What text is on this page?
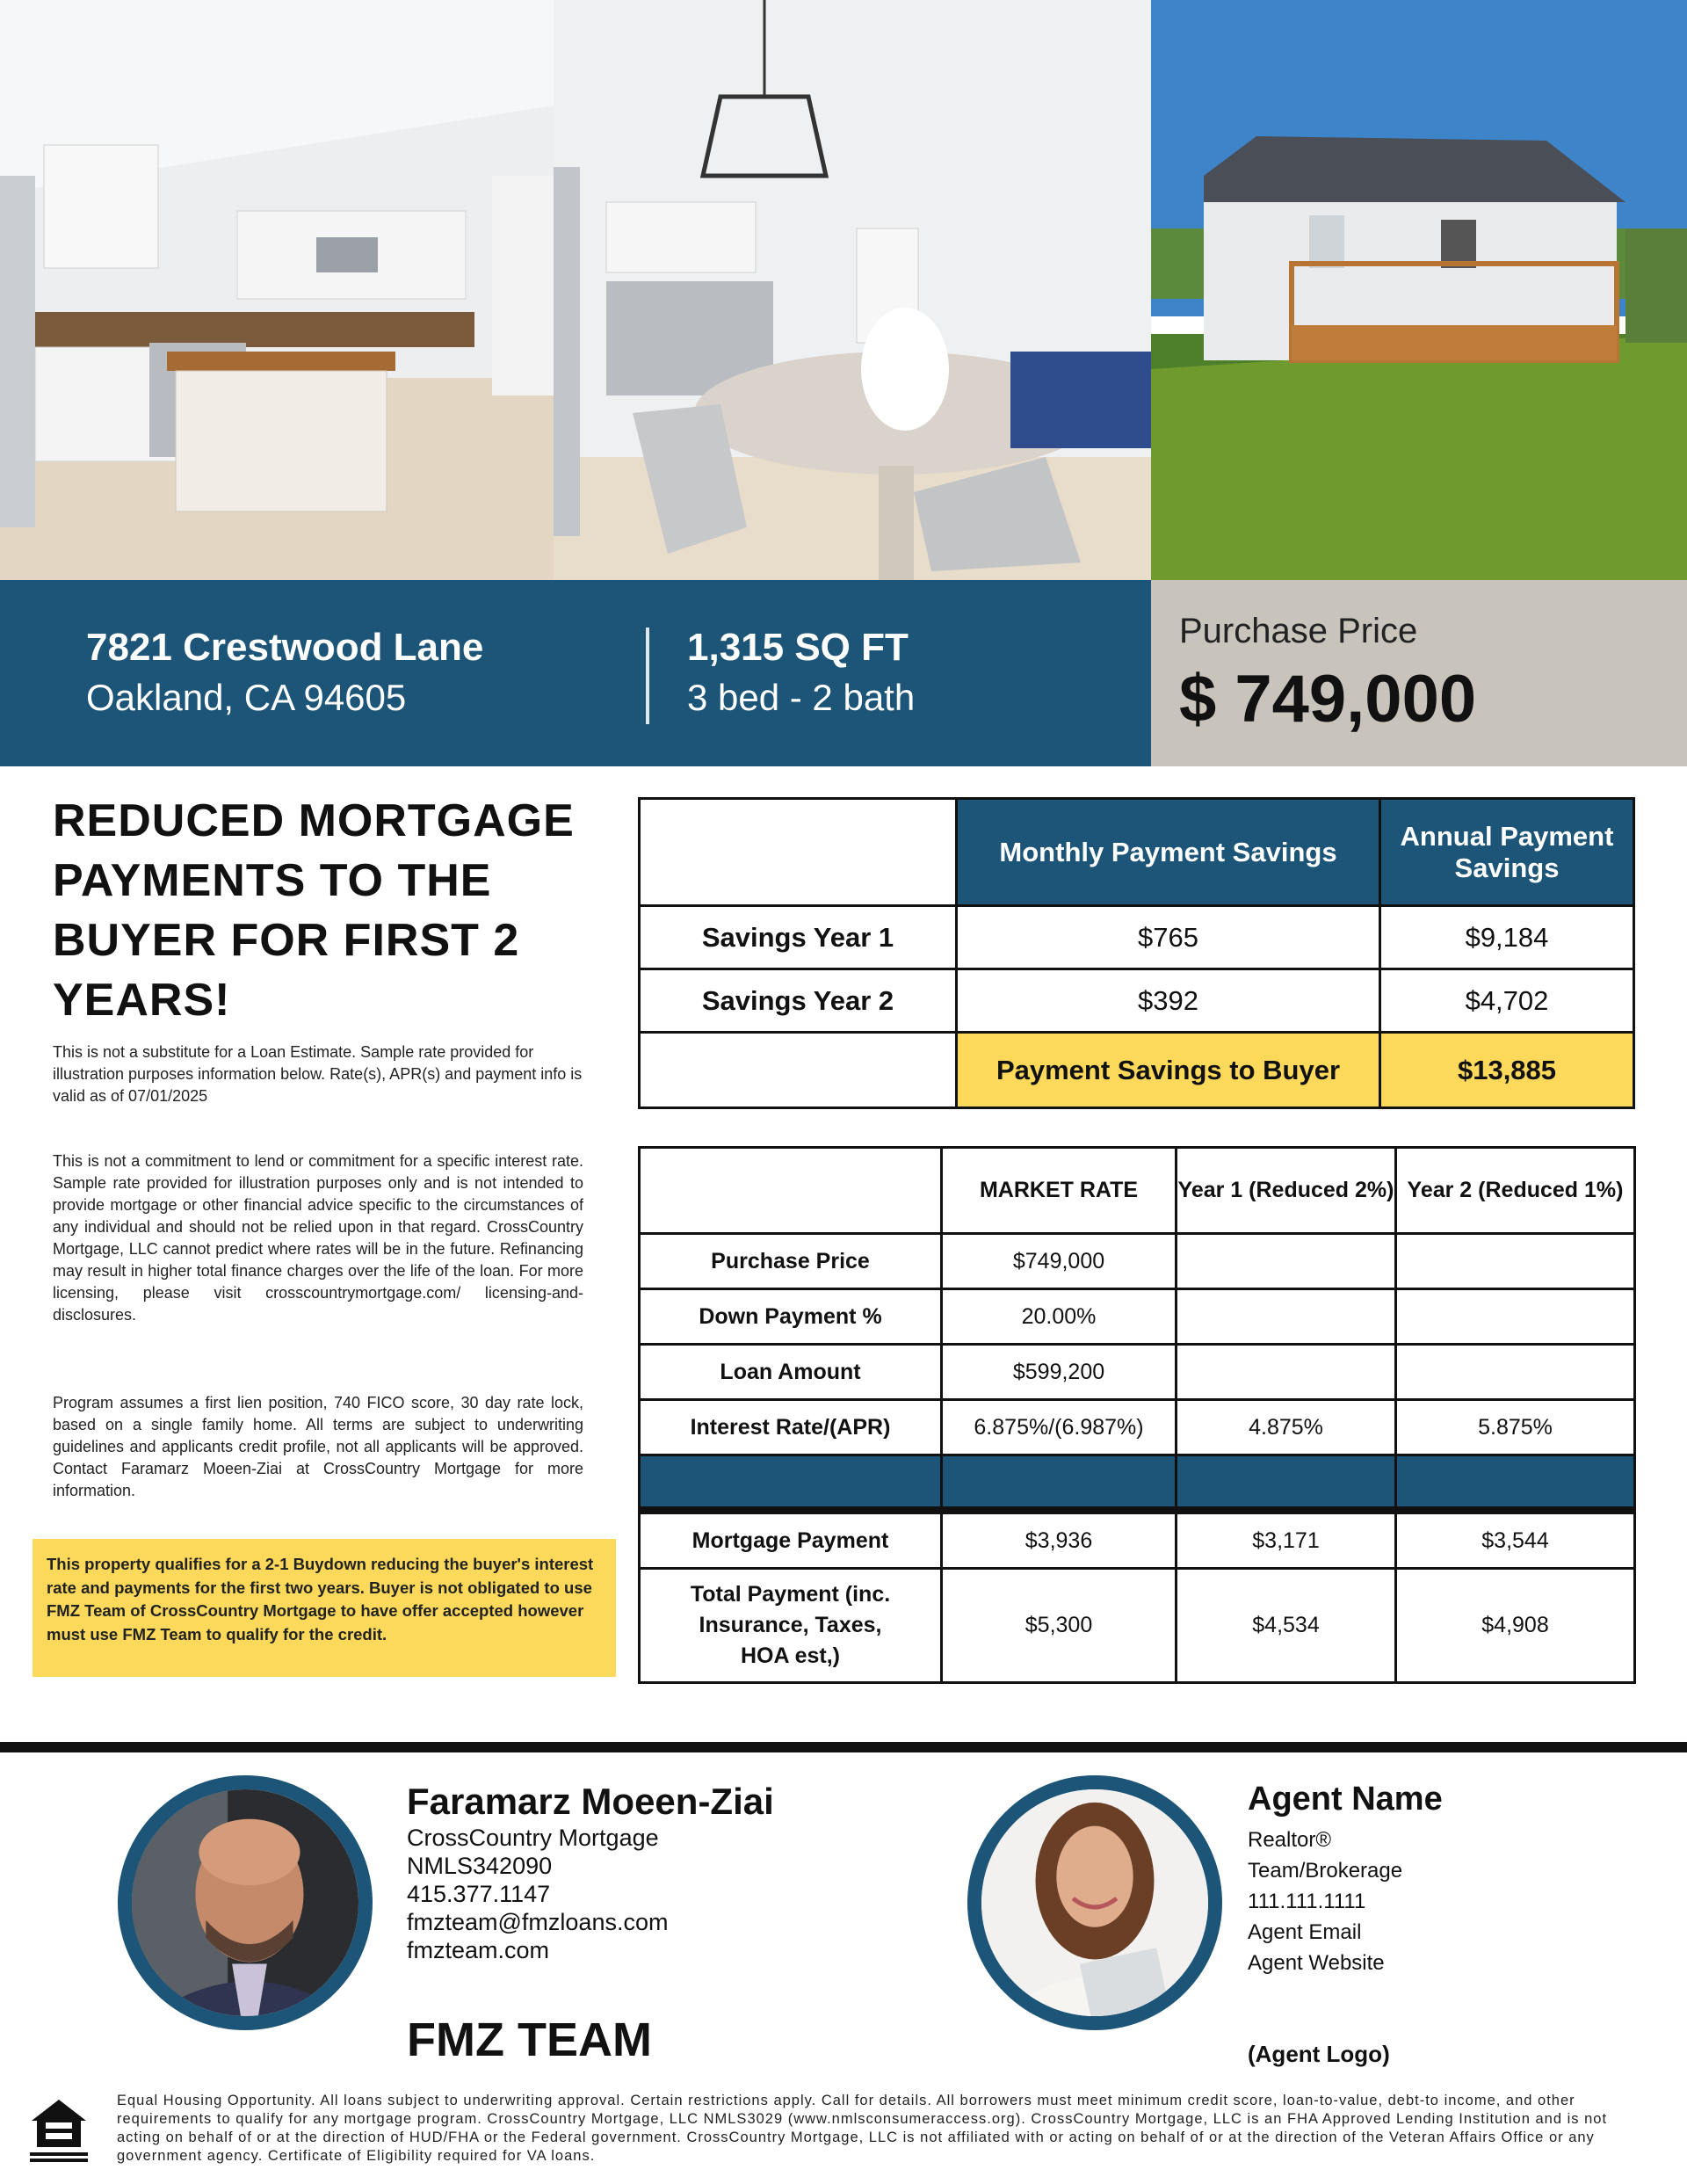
7821 Crestwood Lane
Oakland, CA 94605
1,315 SQ FT
3 bed - 2 bath
Purchase Price
$ 749,000
REDUCED MORTGAGE PAYMENTS TO THE BUYER FOR FIRST 2 YEARS!
This is not a substitute for a Loan Estimate. Sample rate provided for illustration purposes information below. Rate(s), APR(s) and payment info is valid as of 07/01/2025
This is not a commitment to lend or commitment for a specific interest rate. Sample rate provided for illustration purposes only and is not intended to provide mortgage or other financial advice specific to the circumstances of any individual and should not be relied upon in that regard. CrossCountry Mortgage, LLC cannot predict where rates will be in the future. Refinancing may result in higher total finance charges over the life of the loan. For more licensing, please visit crosscountrymortgage.com/ licensing-and-disclosures.
Program assumes a first lien position, 740 FICO score, 30 day rate lock, based on a single family home. All terms are subject to underwriting guidelines and applicants credit profile, not all applicants will be approved. Contact Faramarz Moeen-Ziai at CrossCountry Mortgage for more information.
This property qualifies for a 2-1 Buydown reducing the buyer's interest rate and payments for the first two years. Buyer is not obligated to use FMZ Team of CrossCountry Mortgage to have offer accepted however must use FMZ Team to qualify for the credit.
	Monthly Payment Savings	Annual Payment Savings
Savings Year 1	$765	$9,184
Savings Year 2	$392	$4,702
	Payment Savings to Buyer	$13,885
	MARKET RATE	Year 1 (Reduced 2%)	Year 2 (Reduced 1%)
Purchase Price	$749,000		
Down Payment %	20.00%		
Loan Amount	$599,200		
Interest Rate/(APR)	6.875%/(6.987%)	4.875%	5.875%

Mortgage Payment	$3,936	$3,171	$3,544
Total Payment (inc. Insurance, Taxes, HOA est,)	$5,300	$4,534	$4,908
Faramarz Moeen-Ziai
CrossCountry Mortgage
NMLS342090
415.377.1147
fmzteam@fmzloans.com
fmzteam.com
FMZ TEAM
Agent Name
Realtor®
Team/Brokerage
111.111.1111
Agent Email
Agent Website
(Agent Logo)
Equal Housing Opportunity. All loans subject to underwriting approval. Certain restrictions apply. Call for details. All borrowers must meet minimum credit score, loan-to-value, debt-to income, and other requirements to qualify for any mortgage program. CrossCountry Mortgage, LLC NMLS3029 (www.nmlsconsumeraccess.org). CrossCountry Mortgage, LLC is an FHA Approved Lending Institution and is not acting on behalf of or at the direction of HUD/FHA or the Federal government. CrossCountry Mortgage, LLC is not affiliated with or acting on behalf of or at the direction of the Veteran Affairs Office or any government agency. Certificate of Eligibility required for VA loans.
